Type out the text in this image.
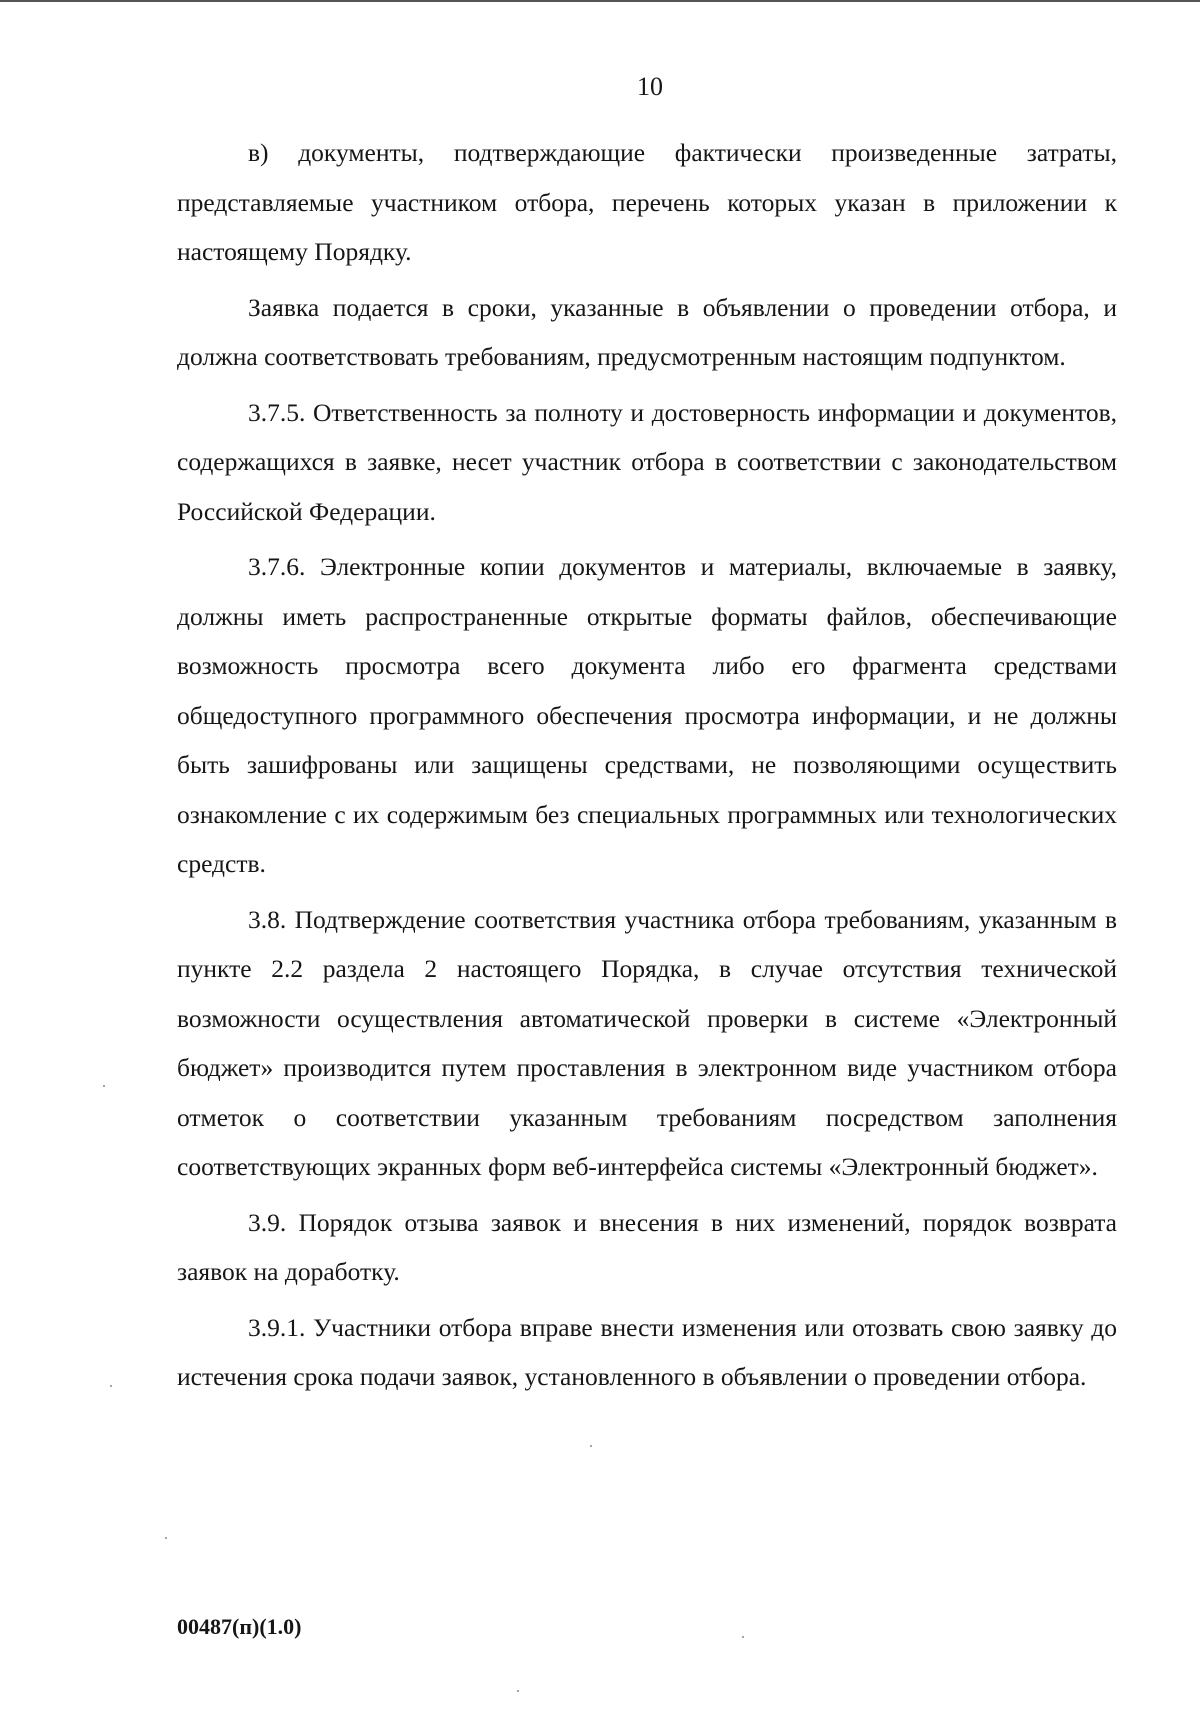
10

в) документы, подтверждающие фактически произведенные затраты, представляемые участником отбора, перечень которых указан в приложении к настоящему Порядку.

Заявка подается в сроки, указанные в объявлении о проведении отбора, и должна соответствовать требованиям, предусмотренным настоящим подпунктом.

3.7.5. Ответственность за полноту и достоверность информации и документов, содержащихся в заявке, несет участник отбора в соответствии с законодательством Российской Федерации.

3.7.6. Электронные копии документов и материалы, включаемые в заявку, должны иметь распространенные открытые форматы файлов, обеспечивающие возможность просмотра всего документа либо его фрагмента средствами общедоступного программного обеспечения просмотра информации, и не должны быть зашифрованы или защищены средствами, не позволяющими осуществить ознакомление с их содержимым без специальных программных или технологических средств.

3.8. Подтверждение соответствия участника отбора требованиям, указанным в пункте 2.2 раздела 2 настоящего Порядка, в случае отсутствия технической возможности осуществления автоматической проверки в системе «Электронный бюджет» производится путем проставления в электронном виде участником отбора отметок о соответствии указанным требованиям посредством заполнения соответствующих экранных форм веб-интерфейса системы «Электронный бюджет».

3.9. Порядок отзыва заявок и внесения в них изменений, порядок возврата заявок на доработку.

3.9.1. Участники отбора вправе внести изменения или отозвать свою заявку до истечения срока подачи заявок, установленного в объявлении о проведении отбора.

00487(п)(1.0)
